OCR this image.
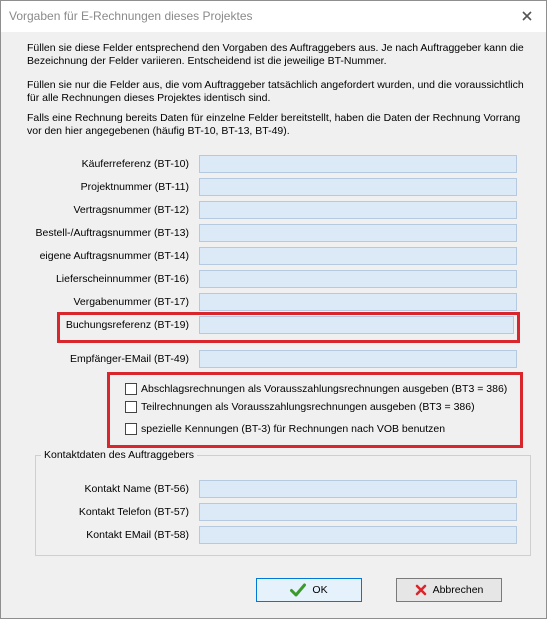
Vorgaben für E-Rechnungen dieses Projektes
Füllen sie diese Felder entsprechend den Vorgaben des Auftraggebers aus. Je nach Auftraggeber kann die Bezeichnung der Felder variieren. Entscheidend ist die jeweilige BT-Nummer.
Füllen sie nur die Felder aus, die vom Auftraggeber tatsächlich angefordert wurden, und die voraussichtlich für alle Rechnungen dieses Projektes identisch sind.
Falls eine Rechnung bereits Daten für einzelne Felder bereitstellt, haben die Daten der Rechnung Vorrang vor den hier angegebenen (häufig BT-10, BT-13, BT-49).
Käuferreferenz (BT-10)
Projektnummer (BT-11)
Vertragsnummer (BT-12)
Bestell-/Auftragsnummer (BT-13)
eigene Auftragsnummer (BT-14)
Lieferscheinnummer (BT-16)
Vergabenummer (BT-17)
Buchungsreferenz (BT-19)
Empfänger-EMail (BT-49)
Abschlagsrechnungen als Vorausszahlungsrechnungen ausgeben (BT3 = 386)
Teilrechnungen als Vorausszahlungsrechnungen ausgeben (BT3 = 386)
spezielle Kennungen (BT-3) für Rechnungen nach VOB benutzen
Kontaktdaten des Auftraggebers
Kontakt Name (BT-56)
Kontakt Telefon (BT-57)
Kontakt EMail (BT-58)
OK	Abbrechen
